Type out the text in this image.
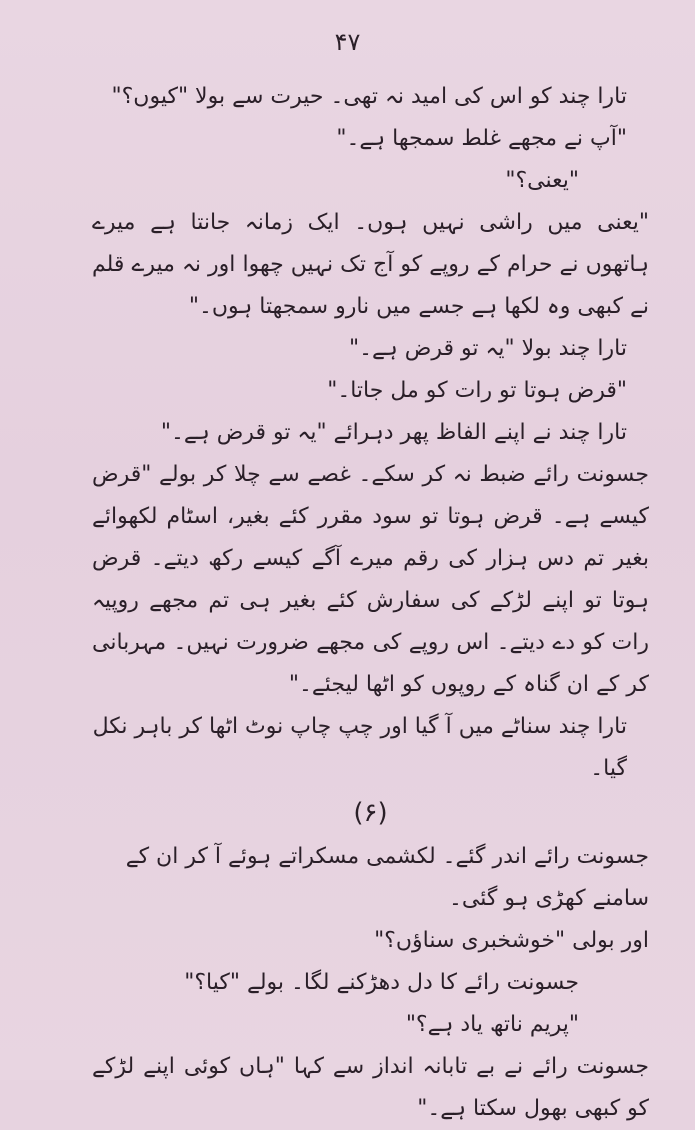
۴۷

تارا چند کو اس کی امید نہ تھی۔ حیرت سے بولا "کیوں؟"

"آپ نے مجھے غلط سمجھا ہے۔"

"یعنی؟"

"یعنی میں راشی نہیں ہوں۔ ایک زمانہ جانتا ہے میرے ہاتھوں نے حرام کے روپے کو آج تک نہیں چھوا اور نہ میرے قلم نے کبھی وہ لکھا ہے جسے میں نارو سمجھتا ہوں۔"

تارا چند بولا "یہ تو قرض ہے۔"

"قرض ہوتا تو رات کو مل جاتا۔"

تارا چند نے اپنے الفاظ پھر دہرائے "یہ تو قرض ہے۔"

جسونت رائے ضبط نہ کر سکے۔ غصے سے چلا کر بولے "قرض کیسے ہے۔ قرض ہوتا تو سود مقرر کئے بغیر، اسٹام لکھوائے بغیر تم دس ہزار کی رقم میرے آگے کیسے رکھ دیتے۔ قرض ہوتا تو اپنے لڑکے کی سفارش کئے بغیر ہی تم مجھے روپیہ رات کو دے دیتے۔ اس روپے کی مجھے ضرورت نہیں۔ مہربانی کر کے ان گناہ کے روپوں کو اٹھا لیجئے۔"

تارا چند سناٹے میں آ گیا اور چپ چاپ نوٹ اٹھا کر باہر نکل گیا۔

(۶)

جسونت رائے اندر گئے۔ لکشمی مسکراتے ہوئے آ کر ان کے سامنے کھڑی ہو گئی۔

اور بولی "خوشخبری سناؤں؟"

جسونت رائے کا دل دھڑکنے لگا۔ بولے "کیا؟"

"پریم ناتھ یاد ہے؟"

جسونت رائے نے بے تابانہ انداز سے کہا "ہاں کوئی اپنے لڑکے کو کبھی بھول سکتا ہے۔"
